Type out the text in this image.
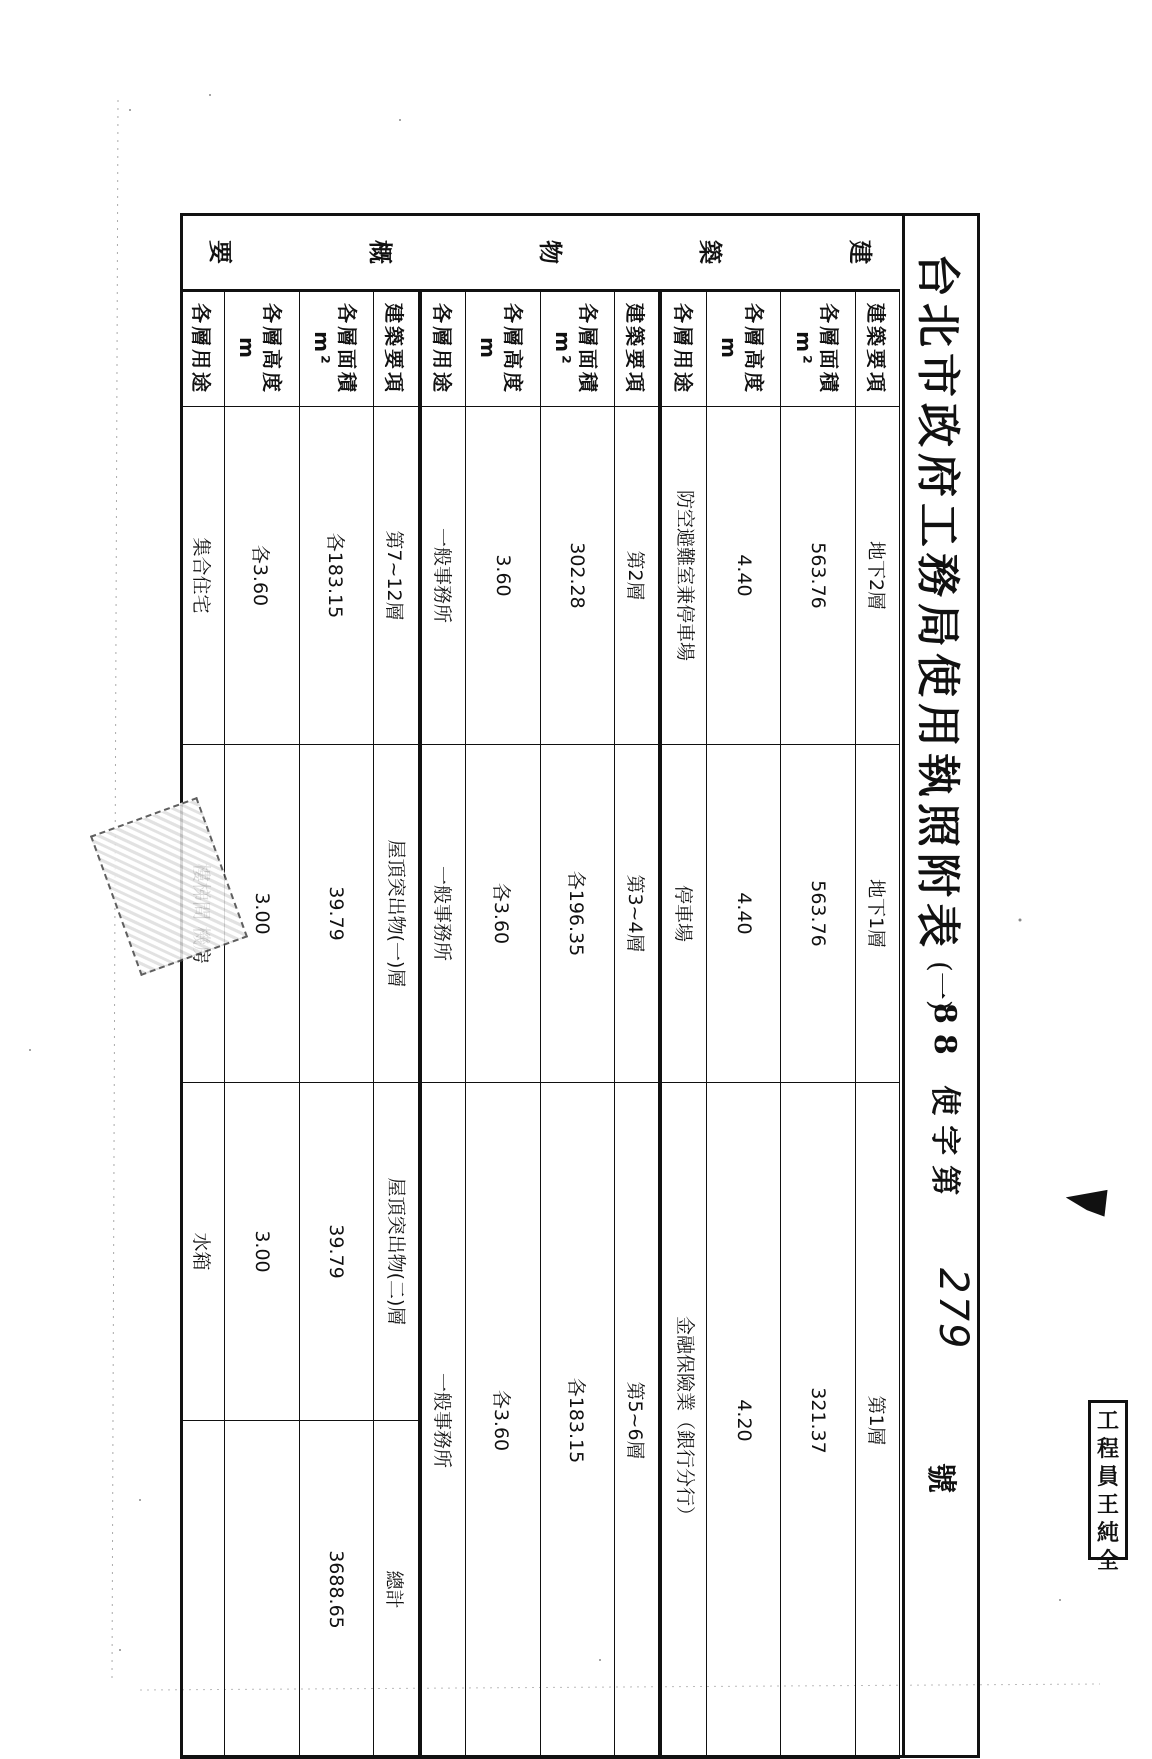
台北市政府工務局使用執照附表
(一)
88 使字第
279
號
建
築
物
概
要
建築要項	地下2層	地下1層	第1層	
各層面積m²	563.76	563.76	321.37	
各層高度m	4.40	4.40	4.20	
各層用途	防空避難室兼停車場	停車場	金融保險業（銀行分行）	
建築要項	第2層	第3~4層	第5~6層	
各層面積m²	302.28	各196.35	各183.15	
各層高度m	3.60	各3.60	各3.60	
各層用途	一般事務所	一般事務所	一般事務所	
建築要項	第7~12層	屋頂突出物(一)層	屋頂突出物(二)層	總計
各層面積m²	各183.15	39.79	39.79	3688.65
各層高度m	各3.60	3.00	3.00	
各層用途	集合住宅		水箱	
工程員王純全
